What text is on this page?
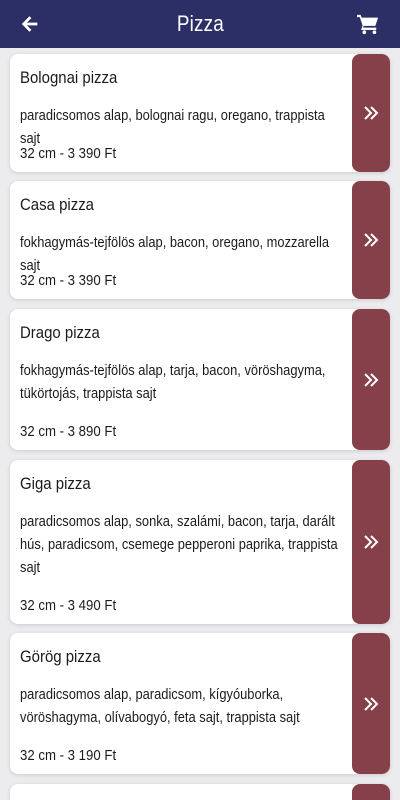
Pizza
Bolognai pizza
paradicsomos alap, bolognai ragu, oregano, trappista sajt
32 cm - 3 390 Ft
Casa pizza
fokhagymás-tejfölös alap, bacon, oregano, mozzarella sajt
32 cm - 3 390 Ft
Drago pizza
fokhagymás-tejfölös alap, tarja, bacon, vöröshagyma, tükörtojás, trappista sajt
32 cm - 3 890 Ft
Giga pizza
paradicsomos alap, sonka, szalámi, bacon, tarja, darált hús, paradicsom, csemege pepperoni paprika, trappista sajt
32 cm - 3 490 Ft
Görög pizza
paradicsomos alap, paradicsom, kígyóuborka, vöröshagyma, olívabogyó, feta sajt, trappista sajt
32 cm - 3 190 Ft
